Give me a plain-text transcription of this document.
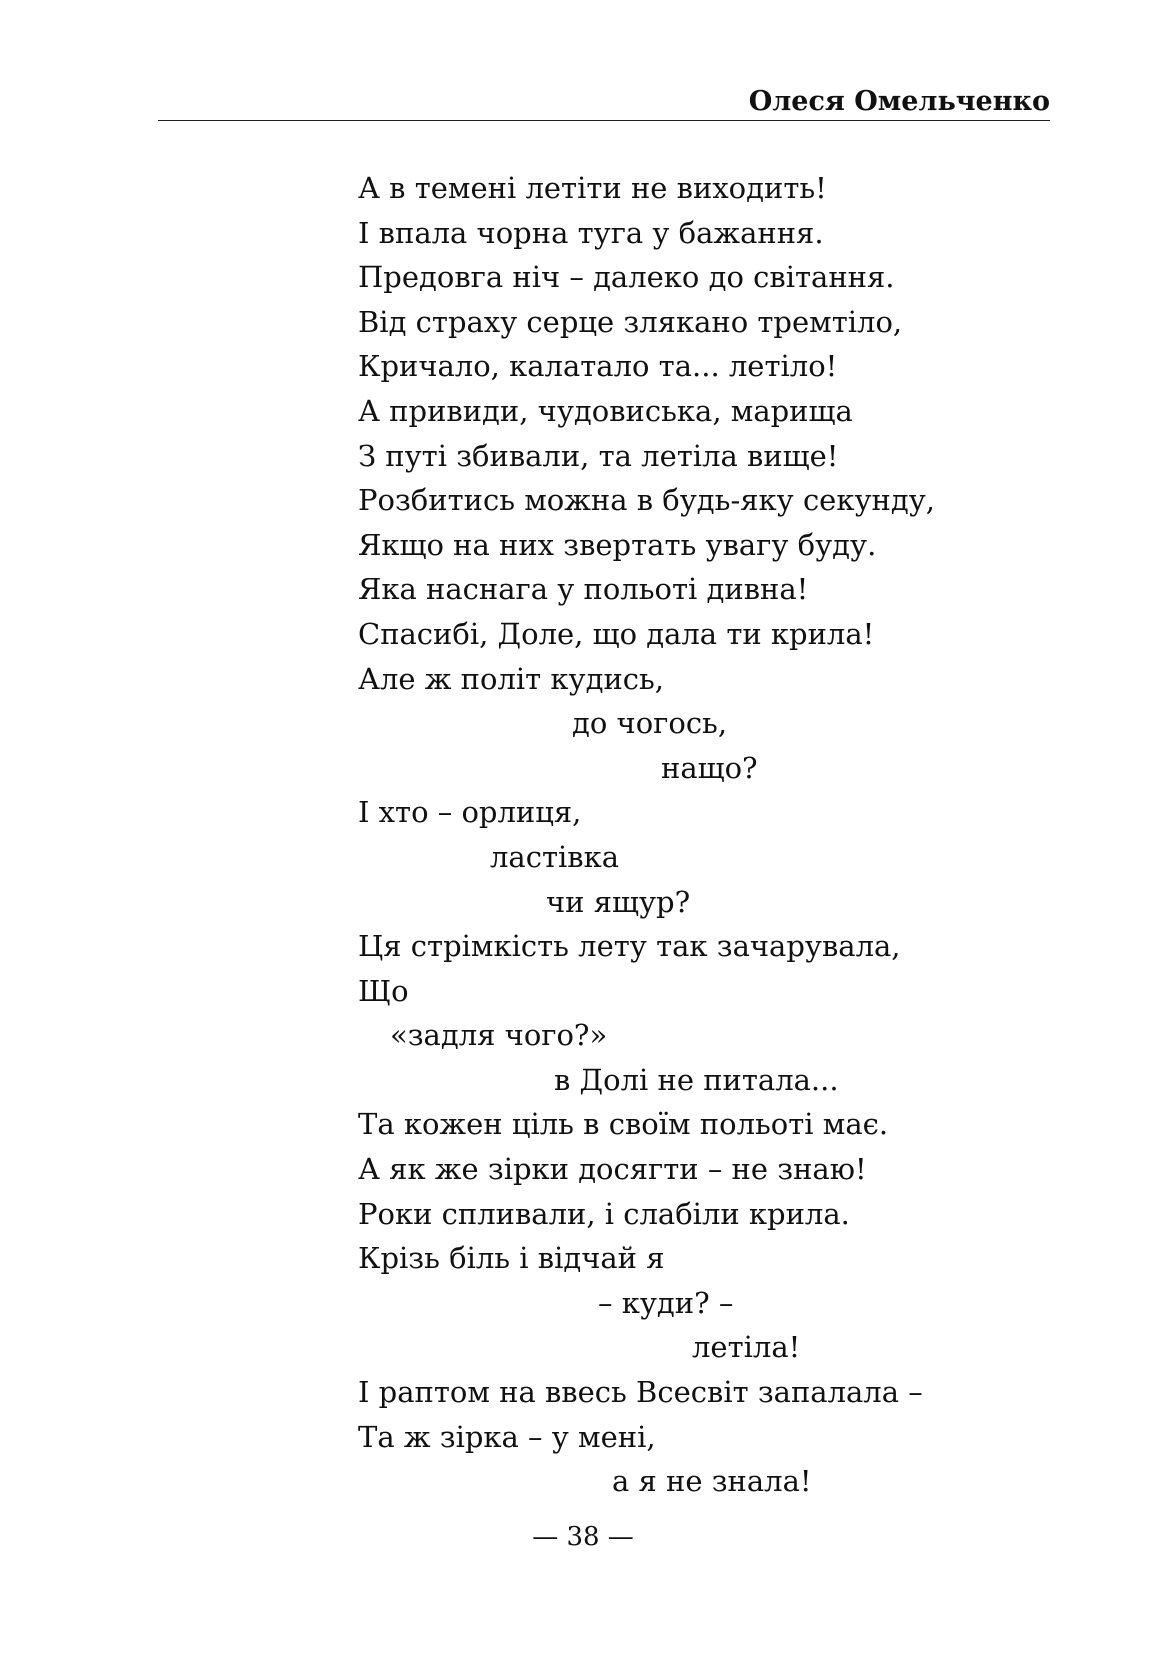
Олеся Омельченко
А в темені летіти не виходить!
І впала чорна туга у бажання.
Предовга ніч – далеко до світання.
Від страху серце злякано тремтіло,
Кричало, калатало та... летіло!
А привиди, чудовиська, марища
З путі збивали, та летіла вище!
Розбитись можна в будь-яку секунду,
Якщо на них звертать увагу буду.
Яка наснага у польоті дивна!
Спасибі, Доле, що дала ти крила!
Але ж політ кудись,
до чогось,
нащо?
І хто – орлиця,
ластівка
чи ящур?
Ця стрімкість лету так зачарувала,
Що
«задля чого?»
в Долі не питала...
Та кожен ціль в своїм польоті має.
А як же зірки досягти – не знаю!
Роки спливали, і слабіли крила.
Крізь біль і відчай я
– куди? –
летіла!
І раптом на ввесь Всесвіт запалала –
Та ж зірка – у мені,
а я не знала!
— 38 —
